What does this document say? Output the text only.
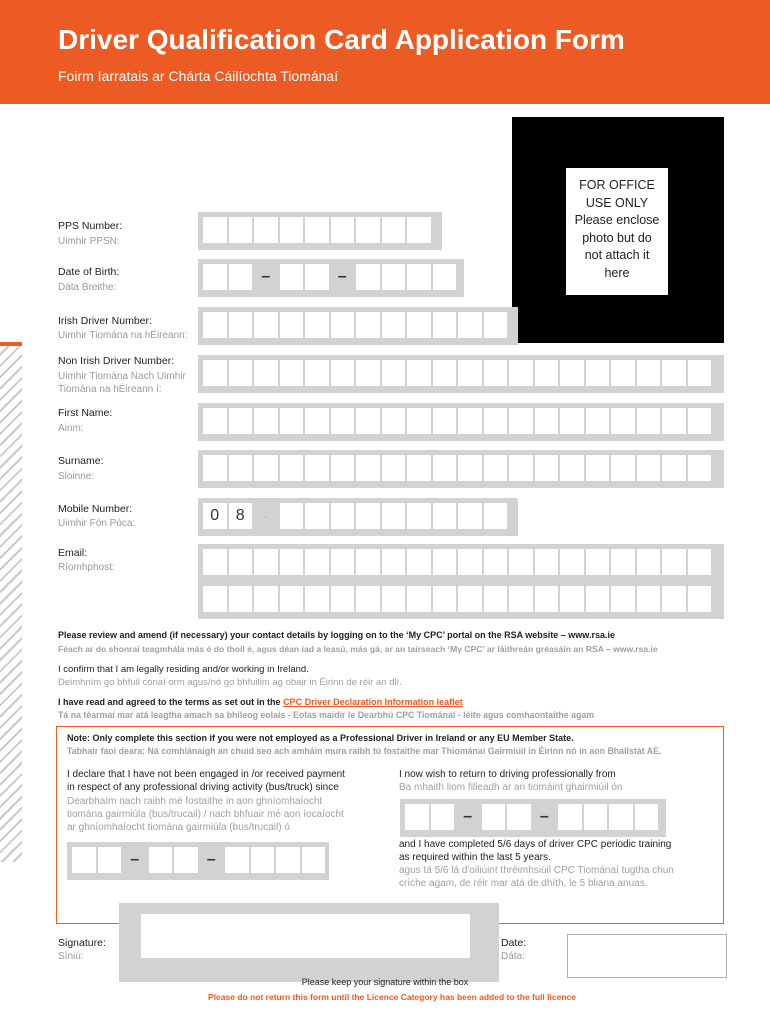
Driver Qualification Card Application Form
Foirm Iarratais ar Chárta Cáilíochta Tiománaí
FOR OFFICE
USE ONLY
Please enclose
photo but do
not attach it
here
PPS Number:
Uimhir PPSN:
Date of Birth:
Dáta Breithe:
–	–
Irish Driver Number:
Uimhir Tiomána na hÉireann:
Non Irish Driver Number:
Uimhir Tiomána Nach Uimhir
Tiomána na hÉireann í:
First Name:
Ainm:
Surname:
Sloinne:
Mobile Number:
Uimhir Fón Póca:	0	8	-
Email:
Ríomhphost:
Please review and amend (if necessary) your contact details by logging on to the ‘My CPC’ portal on the RSA website – www.rsa.ie
Féach ar do shonraí teagmhála más é do thoil é, agus déan iad a leasú, más gá, ar an tairseach ‘My CPC’ ar láithreán gréasáin an RSA – www.rsa.ie
I confirm that I am legally residing and/or working in Ireland.
Deimhním go bhfuil cónaí orm agus/nó go bhfuilim ag obair in Éirinn de réir an dlí.
I have read and agreed to the terms as set out in the CPC Driver Declaration Information leaflet
Tá na téarmaí mar atá leagtha amach sa bhileog eolais - Eolas maidir le Dearbhú CPC Tiománaí - léite agus comhaontaithe agam
Note: Only complete this section if you were not employed as a Professional Driver in Ireland or any EU Member State.
Tabhair faoi deara: Ná comhlánaigh an chuid seo ach amháin mura raibh tú fostaithe mar Thiománaí Gairmiúil in Éirinn nó in aon Bhallstát AE.
I declare that I have not been engaged in /or received payment
in respect of any professional driving activity (bus/truck) since
Dearbhaím nach raibh mé fostaithe in aon ghníomhaíocht
tiomána gairmiúla (bus/trucail) / nach bhfuair mé aon íocaíocht
ar ghníomhaíocht tiomána gairmiúla (bus/trucail) ó
–	–
I now wish to return to driving professionally from
Ba mhaith liom filleadh ar an tiomáint ghairmiúil ón
–	–
and I have completed 5/6 days of driver CPC periodic training
as required within the last 5 years.
agus tá 5/6 lá d'oiliúint thréimhsiúil CPC Tiománaí tugtha chun
críche agam, de réir mar atá de dhíth, le 5 bliana anuas.
Signature:
Síniú:
Date:
Dáta:
Please keep your signature within the box
Please do not return this form until the Licence Category has been added to the full licence
